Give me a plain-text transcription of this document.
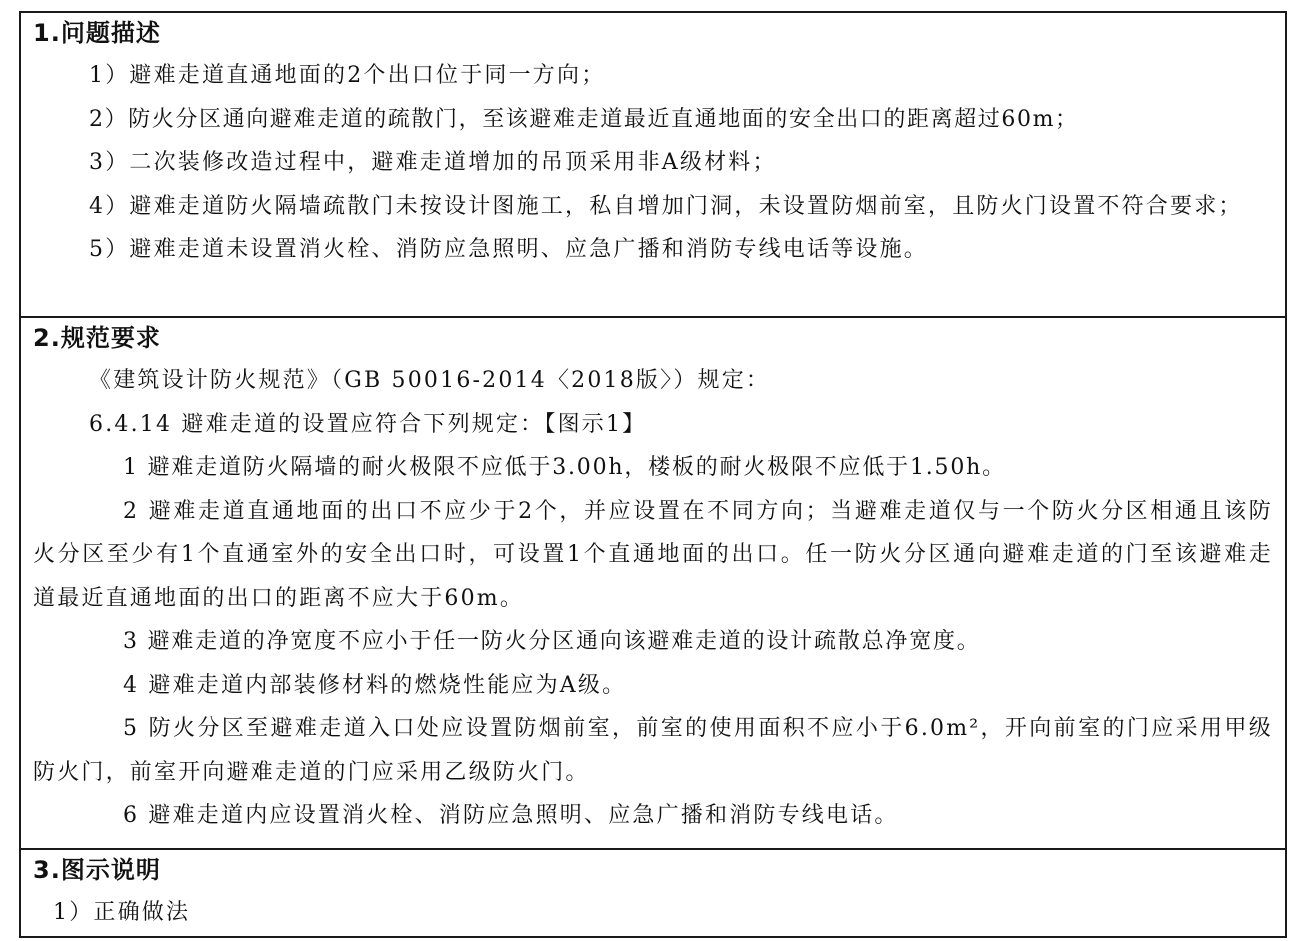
1.问题描述
1）避难走道直通地面的2个出口位于同一方向；
2）防火分区通向避难走道的疏散门，至该避难走道最近直通地面的安全出口的距离超过60m；
3）二次装修改造过程中，避难走道增加的吊顶采用非A级材料；

4）避难走道防火隔墙疏散门未按设计图施工，私自增加门洞，未设置防烟前室，且防火门设置不符合要求；

5）避难走道未设置消火栓、消防应急照明、应急广播和消防专线电话等设施。
2.规范要求
《建筑设计防火规范》（GB 50016-2014〈2018版〉）规定：
6.4.14 避难走道的设置应符合下列规定：【图示1】
1 避难走道防火隔墙的耐火极限不应低于3.00h，楼板的耐火极限不应低于1.50h。

2 避难走道直通地面的出口不应少于2个，并应设置在不同方向；当避难走道仅与一个防火分区相通且该防火分区至少有1个直通室外的安全出口时，可设置1个直通地面的出口。任一防火分区通向避难走道的门至该避难走道最近直通地面的出口的距离不应大于60m。

3 避难走道的净宽度不应小于任一防火分区通向该避难走道的设计疏散总净宽度。
4 避难走道内部装修材料的燃烧性能应为A级。

5 防火分区至避难走道入口处应设置防烟前室，前室的使用面积不应小于6.0m²，开向前室的门应采用甲级防火门，前室开向避难走道的门应采用乙级防火门。

6 避难走道内应设置消火栓、消防应急照明、应急广播和消防专线电话。
3.图示说明
1）正确做法
